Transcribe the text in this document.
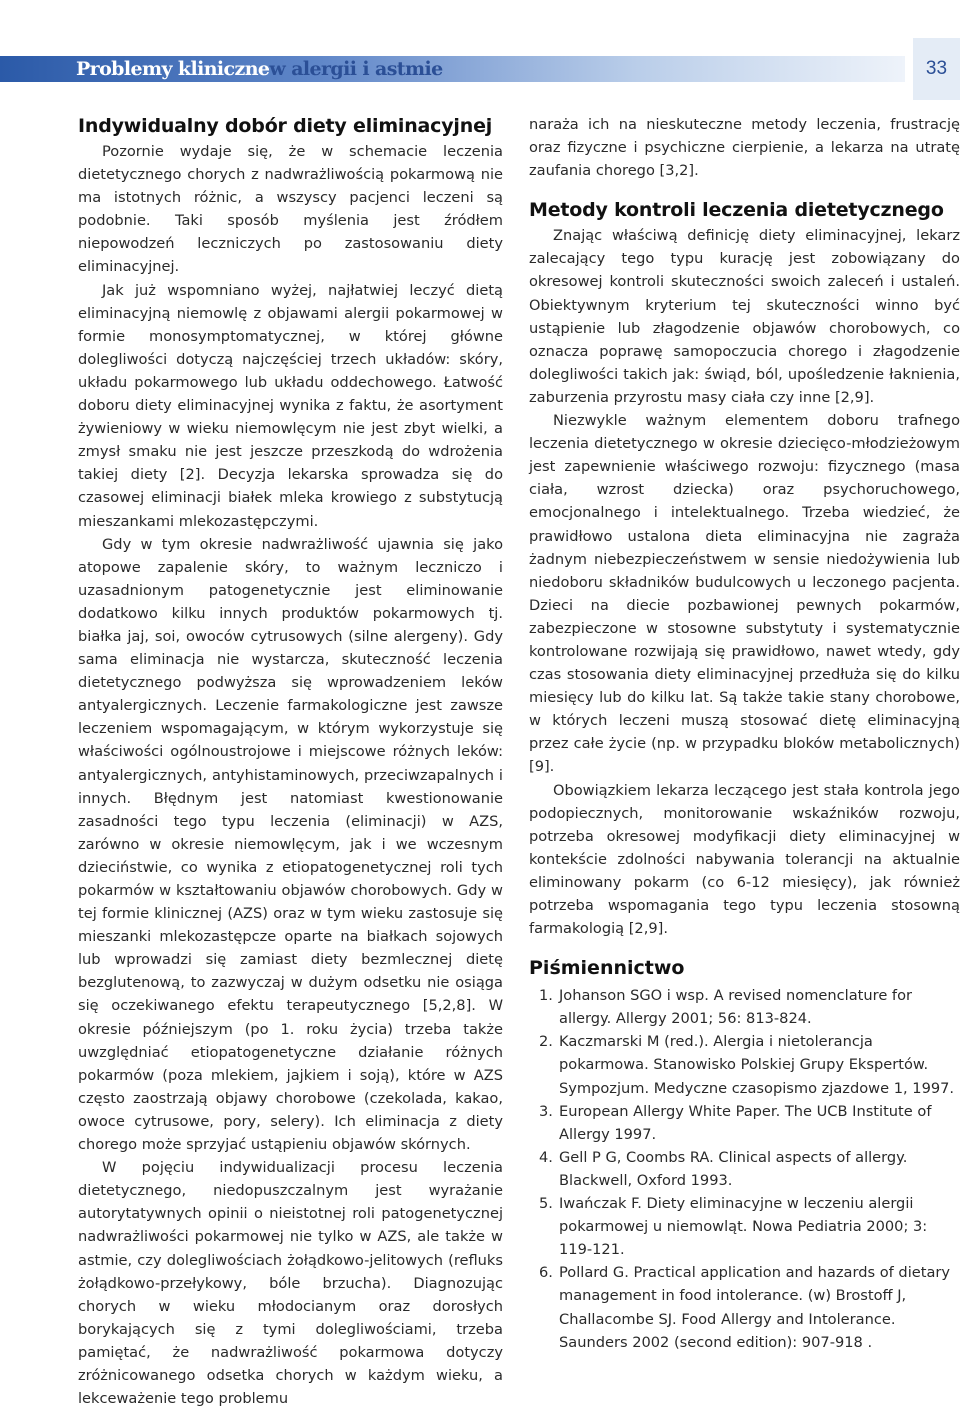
Problemy klinicznew alergii i astmie	33
Indywidualny dobór diety eliminacyjnej

Pozornie wydaje się, że w schemacie leczenia dietetycznego chorych z nadwrażliwością pokarmową nie ma istotnych różnic, a wszyscy pacjenci leczeni są podobnie. Taki sposób myślenia jest źródłem niepowodzeń leczniczych po zastosowaniu diety eliminacyjnej.

Jak już wspomniano wyżej, najłatwiej leczyć dietą eliminacyjną niemowlę z objawami alergii pokarmowej w formie monosymptomatycznej, w której główne dolegliwości dotyczą najczęściej trzech układów: skóry, układu pokarmowego lub układu oddechowego. Łatwość doboru diety eliminacyjnej wynika z faktu, że asortyment żywieniowy w wieku niemowlęcym nie jest zbyt wielki, a zmysł smaku nie jest jeszcze przeszkodą do wdrożenia takiej diety [2]. Decyzja lekarska sprowadza się do czasowej eliminacji białek mleka krowiego z substytucją mieszankami mlekozastępczymi.

Gdy w tym okresie nadwrażliwość ujawnia się jako atopowe zapalenie skóry, to ważnym leczniczo i uzasadnionym patogenetycznie jest eliminowanie dodatkowo kilku innych produktów pokarmowych tj. białka jaj, soi, owoców cytrusowych (silne alergeny). Gdy sama eliminacja nie wystarcza, skuteczność leczenia dietetycznego podwyższa się wprowadzeniem leków antyalergicznych. Leczenie farmakologiczne jest zawsze leczeniem wspomagającym, w którym wykorzystuje się właściwości ogólnoustrojowe i miejscowe różnych leków: antyalergicznych, antyhistaminowych, przeciwzapalnych i innych. Błędnym jest natomiast kwestionowanie zasadności tego typu leczenia (eliminacji) w AZS, zarówno w okresie niemowlęcym, jak i we wczesnym dzieciństwie, co wynika z etiopatogenetycznej roli tych pokarmów w kształtowaniu objawów chorobowych. Gdy w tej formie klinicznej (AZS) oraz w tym wieku zastosuje się mieszanki mlekozastępcze oparte na białkach sojowych lub wprowadzi się zamiast diety bezmlecznej dietę bezglutenową, to zazwyczaj w dużym odsetku nie osiąga się oczekiwanego efektu terapeutycznego [5,2,8]. W okresie późniejszym (po 1. roku życia) trzeba także uwzględniać etiopatogenetyczne działanie różnych pokarmów (poza mlekiem, jajkiem i soją), które w AZS często zaostrzają objawy chorobowe (czekolada, kakao, owoce cytrusowe, pory, selery). Ich eliminacja z diety chorego może sprzyjać ustąpieniu objawów skórnych.

W pojęciu indywidualizacji procesu leczenia dietetycznego, niedopuszczalnym jest wyrażanie autorytatywnych opinii o nieistotnej roli patogenetycznej nadwrażliwości pokarmowej nie tylko w AZS, ale także w astmie, czy dolegliwościach żołądkowo-jelitowych (refluks żołądkowo-przełykowy, bóle brzucha). Diagnozując chorych w wieku młodocianym oraz dorosłych borykających się z tymi dolegliwościami, trzeba pamiętać, że nadwrażliwość pokarmowa dotyczy zróżnicowanego odsetka chorych w każdym wieku, a lekceważenie tego problemu

naraża ich na nieskuteczne metody leczenia, frustrację oraz fizyczne i psychiczne cierpienie, a lekarza na utratę zaufania chorego [3,2].

Metody kontroli leczenia dietetycznego

Znając właściwą definicję diety eliminacyjnej, lekarz zalecający tego typu kurację jest zobowiązany do okresowej kontroli skuteczności swoich zaleceń i ustaleń. Obiektywnym kryterium tej skuteczności winno być ustąpienie lub złagodzenie objawów chorobowych, co oznacza poprawę samopoczucia chorego i złagodzenie dolegliwości takich jak: świąd, ból, upośledzenie łaknienia, zaburzenia przyrostu masy ciała czy inne [2,9].

Niezwykle ważnym elementem doboru trafnego leczenia dietetycznego w okresie dziecięco-młodzieżowym jest zapewnienie właściwego rozwoju: fizycznego (masa ciała, wzrost dziecka) oraz psychoruchowego, emocjonalnego i intelektualnego. Trzeba wiedzieć, że prawidłowo ustalona dieta eliminacyjna nie zagraża żadnym niebezpieczeństwem w sensie niedożywienia lub niedoboru składników budulcowych u leczonego pacjenta. Dzieci na diecie pozbawionej pewnych pokarmów, zabezpieczone w stosowne substytuty i systematycznie kontrolowane rozwijają się prawidłowo, nawet wtedy, gdy czas stosowania diety eliminacyjnej przedłuża się do kilku miesięcy lub do kilku lat. Są także takie stany chorobowe, w których leczeni muszą stosować dietę eliminacyjną przez całe życie (np. w przypadku bloków metabolicznych) [9].

Obowiązkiem lekarza leczącego jest stała kontrola jego podopiecznych, monitorowanie wskaźników rozwoju, potrzeba okresowej modyfikacji diety eliminacyjnej w kontekście zdolności nabywania tolerancji na aktualnie eliminowany pokarm (co 6-12 miesięcy), jak również potrzeba wspomagania tego typu leczenia stosowną farmakologią [2,9].

Piśmiennictwo
1. Johanson SGO i wsp. A revised nomenclature for allergy. Allergy 2001; 56: 813-824.
2. Kaczmarski M (red.). Alergia i nietolerancja pokarmowa. Stanowisko Polskiej Grupy Ekspertów. Sympozjum. Medyczne czasopismo zjazdowe 1, 1997.
3. European Allergy White Paper. The UCB Institute of Allergy 1997.
4. Gell P G, Coombs RA. Clinical aspects of allergy. Blackwell, Oxford 1993.
5. Iwańczak F. Diety eliminacyjne w leczeniu alergii pokarmowej u niemowląt. Nowa Pediatria 2000; 3: 119-121.
6. Pollard G. Practical application and hazards of dietary management in food intolerance. (w) Brostoff J, Challacombe SJ. Food Allergy and Intolerance. Saunders 2002 (second edition): 907-918 .
